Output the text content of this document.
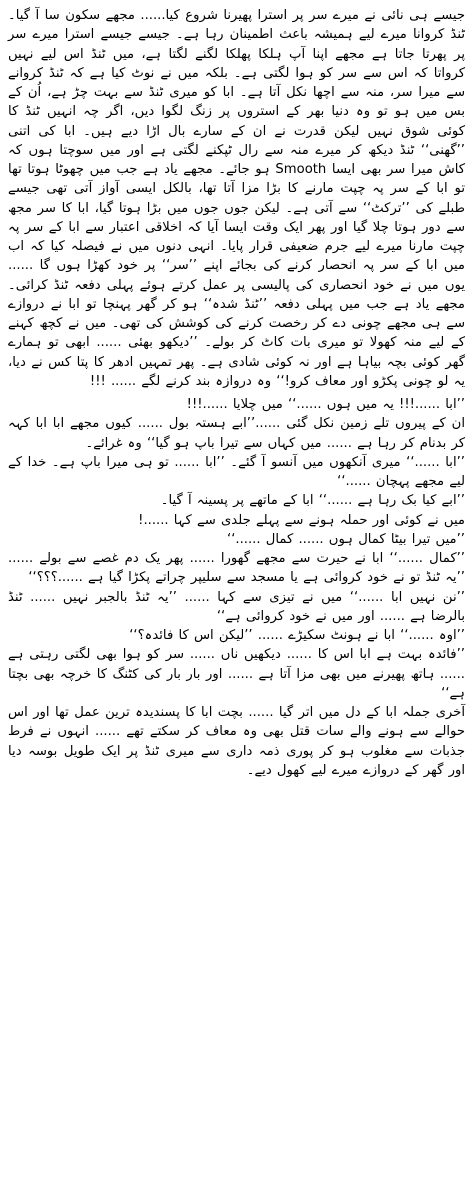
جیسے ہی نائی نے میرے سر پر استرا پھیرنا شروع کیا...... مجھے سکون سا آ گیا۔ ٹنڈ کروانا میرے لیے ہمیشہ باعث اطمینان رہا ہے۔ جیسے جیسے استرا میرے سر پر پھرتا جاتا ہے مجھے اپنا آپ ہلکا پھلکا لگنے لگتا ہے، میں ٹنڈ اس لیے نہیں کرواتا کہ اس سے سر کو ہوا لگتی ہے۔ بلکہ میں نے نوٹ کیا ہے کہ ٹنڈ کروانے سے میرا سر، منہ سے اچھا نکل آتا ہے۔ ابا کو میری ٹنڈ سے بہت چڑ ہے، اُن کے بس میں ہو تو وہ دنیا بھر کے استروں پر زنگ لگوا دیں، اگر چہ انہیں ٹنڈ کا کوئی شوق نہیں لیکن قدرت نے ان کے سارے بال اڑا دیے ہیں۔ ابا کی اتنی ’’گھنی‘‘ ٹنڈ دیکھ کر میرے منہ سے رال ٹپکنے لگتی ہے اور میں سوچتا ہوں کہ کاش میرا سر بھی ایسا Smooth ہو جائے۔ مجھے یاد ہے جب میں چھوٹا ہوتا تھا تو ابا کے سر پہ چپت مارنے کا بڑا مزا آتا تھا، بالکل ایسی آواز آتی تھی جیسے طبلے کی ’’ترکٹ‘‘ سے آتی ہے۔ لیکن جوں جوں میں بڑا ہوتا گیا، ابا کا سر مجھ سے دور ہوتا چلا گیا اور پھر ایک وقت ایسا آیا کہ اخلاقی اعتبار سے ابا کے سر پہ چپت مارنا میرے لیے جرم ضعیفی قرار پایا۔ انہی دنوں میں نے فیصلہ کیا کہ اب میں ابا کے سر پہ انحصار کرنے کی بجائے اپنے ’’سر‘‘ پر خود کھڑا ہوں گا ...... یوں میں نے خود انحصاری کی پالیسی پر عمل کرتے ہوئے پہلی دفعہ ٹنڈ کرائی۔ مجھے یاد ہے جب میں پہلی دفعہ ’’ٹنڈ شدہ‘‘ ہو کر گھر پہنچا تو ابا نے دروازے سے ہی مجھے چونی دے کر رخصت کرنے کی کوشش کی تھی۔ میں نے کچھ کہنے کے لیے منہ کھولا تو میری بات کاٹ کر بولے۔ ’’دیکھو بھئی ...... ابھی تو ہمارے گھر کوئی بچہ بیاہا ہے اور نہ کوئی شادی ہے۔ پھر تمہیں ادھر کا پتا کس نے دیا، یہ لو چونی پکڑو اور معاف کرو!‘‘ وہ دروازہ بند کرنے لگے ...... !!!

’’ابا ......!!! یہ میں ہوں ......‘‘ میں چلایا ......!!!

ان کے پیروں تلے زمین نکل گئی ......’’ابے ہستہ بول ...... کیوں مجھے ابا ابا کہہ کر بدنام کر رہا ہے ...... میں کہاں سے تیرا باپ ہو گیا‘‘ وہ غرائے۔

’’ابا ......‘‘ میری آنکھوں میں آنسو آ گئے۔ ’’ابا ...... تو ہی میرا باپ ہے۔ خدا کے لیے مجھے پہچان ......‘‘

’’ابے کیا بک رہا ہے ......‘‘ ابا کے ماتھے پر پسینہ آ گیا۔

میں نے کوئی اور حملہ ہونے سے پہلے جلدی سے کہا ......!

’’میں تیرا بیٹا کمال ہوں ...... کمال ......‘‘

’’کمال ......‘‘ ابا نے حیرت سے مجھے گھورا ...... پھر یک دم غصے سے بولے ...... ’’یہ ٹنڈ تو نے خود کروائی ہے یا مسجد سے سلیپر چراتے پکڑا گیا ہے ......؟؟؟‘‘

’’نن نہیں ابا ......‘‘ میں نے تیزی سے کہا ...... ’’یہ ٹنڈ بالجبر نہیں ...... ٹنڈ بالرضا ہے ...... اور میں نے خود کروائی ہے‘‘

’’اوہ ......‘‘ ابا نے ہونٹ سکیڑے ...... ’’لیکن اس کا فائدہ؟‘‘

’’فائدہ بہت ہے ابا اس کا ...... دیکھیں ناں ...... سر کو ہوا بھی لگتی رہتی ہے ...... ہاتھ پھیرنے میں بھی مزا آتا ہے ...... اور بار بار کی کٹنگ کا خرچہ بھی بچتا ہے‘‘

آخری جملہ ابا کے دل میں اتر گیا ...... بچت ابا کا پسندیدہ ترین عمل تھا اور اس حوالے سے ہونے والے سات قتل بھی وہ معاف کر سکتے تھے ...... انہوں نے فرط جذبات سے مغلوب ہو کر پوری ذمہ داری سے میری ٹنڈ پر ایک طویل بوسہ دیا اور گھر کے دروازے میرے لیے کھول دیے۔
